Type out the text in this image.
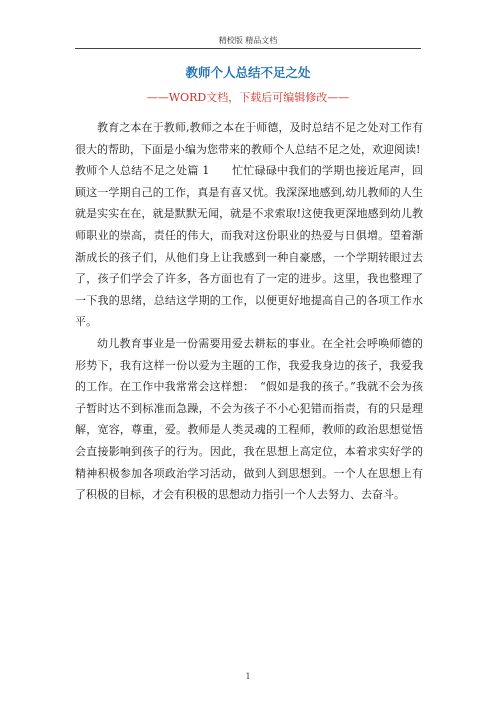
精校版 精品文档
教师个人总结不足之处
——WORD文档，下载后可编辑修改——

教育之本在于教师,教师之本在于师德，及时总结不足之处对工作有很大的帮助，下面是小编为您带来的教师个人总结不足之处，欢迎阅读!

教师个人总结不足之处篇 1　　忙忙碌碌中我们的学期也接近尾声，回顾这一学期自己的工作，真是有喜又忧。我深深地感到,幼儿教师的人生就是实实在在，就是默默无闻，就是不求索取!这使我更深地感到幼儿教师职业的崇高，责任的伟大，而我对这份职业的热爱与日俱增。望着渐渐成长的孩子们，从他们身上让我感到一种自豪感，一个学期转眼过去了，孩子们学会了许多，各方面也有了一定的进步。这里，我也整理了一下我的思绪，总结这学期的工作，以便更好地提高自己的各项工作水平。

幼儿教育事业是一份需要用爱去耕耘的事业。在全社会呼唤师德的形势下，我有这样一份以爱为主题的工作，我爱我身边的孩子，我爱我的工作。在工作中我常常会这样想：　“假如是我的孩子。”我就不会为孩子暂时达不到标准而急躁，不会为孩子不小心犯错而指责，有的只是理解，宽容，尊重，爱。教师是人类灵魂的工程师，教师的政治思想觉悟会直接影响到孩子的行为。因此，我在思想上高定位，本着求实好学的精神积极参加各项政治学习活动，做到人到思想到。一个人在思想上有了积极的目标，才会有积极的思想动力指引一个人去努力、去奋斗。

1
